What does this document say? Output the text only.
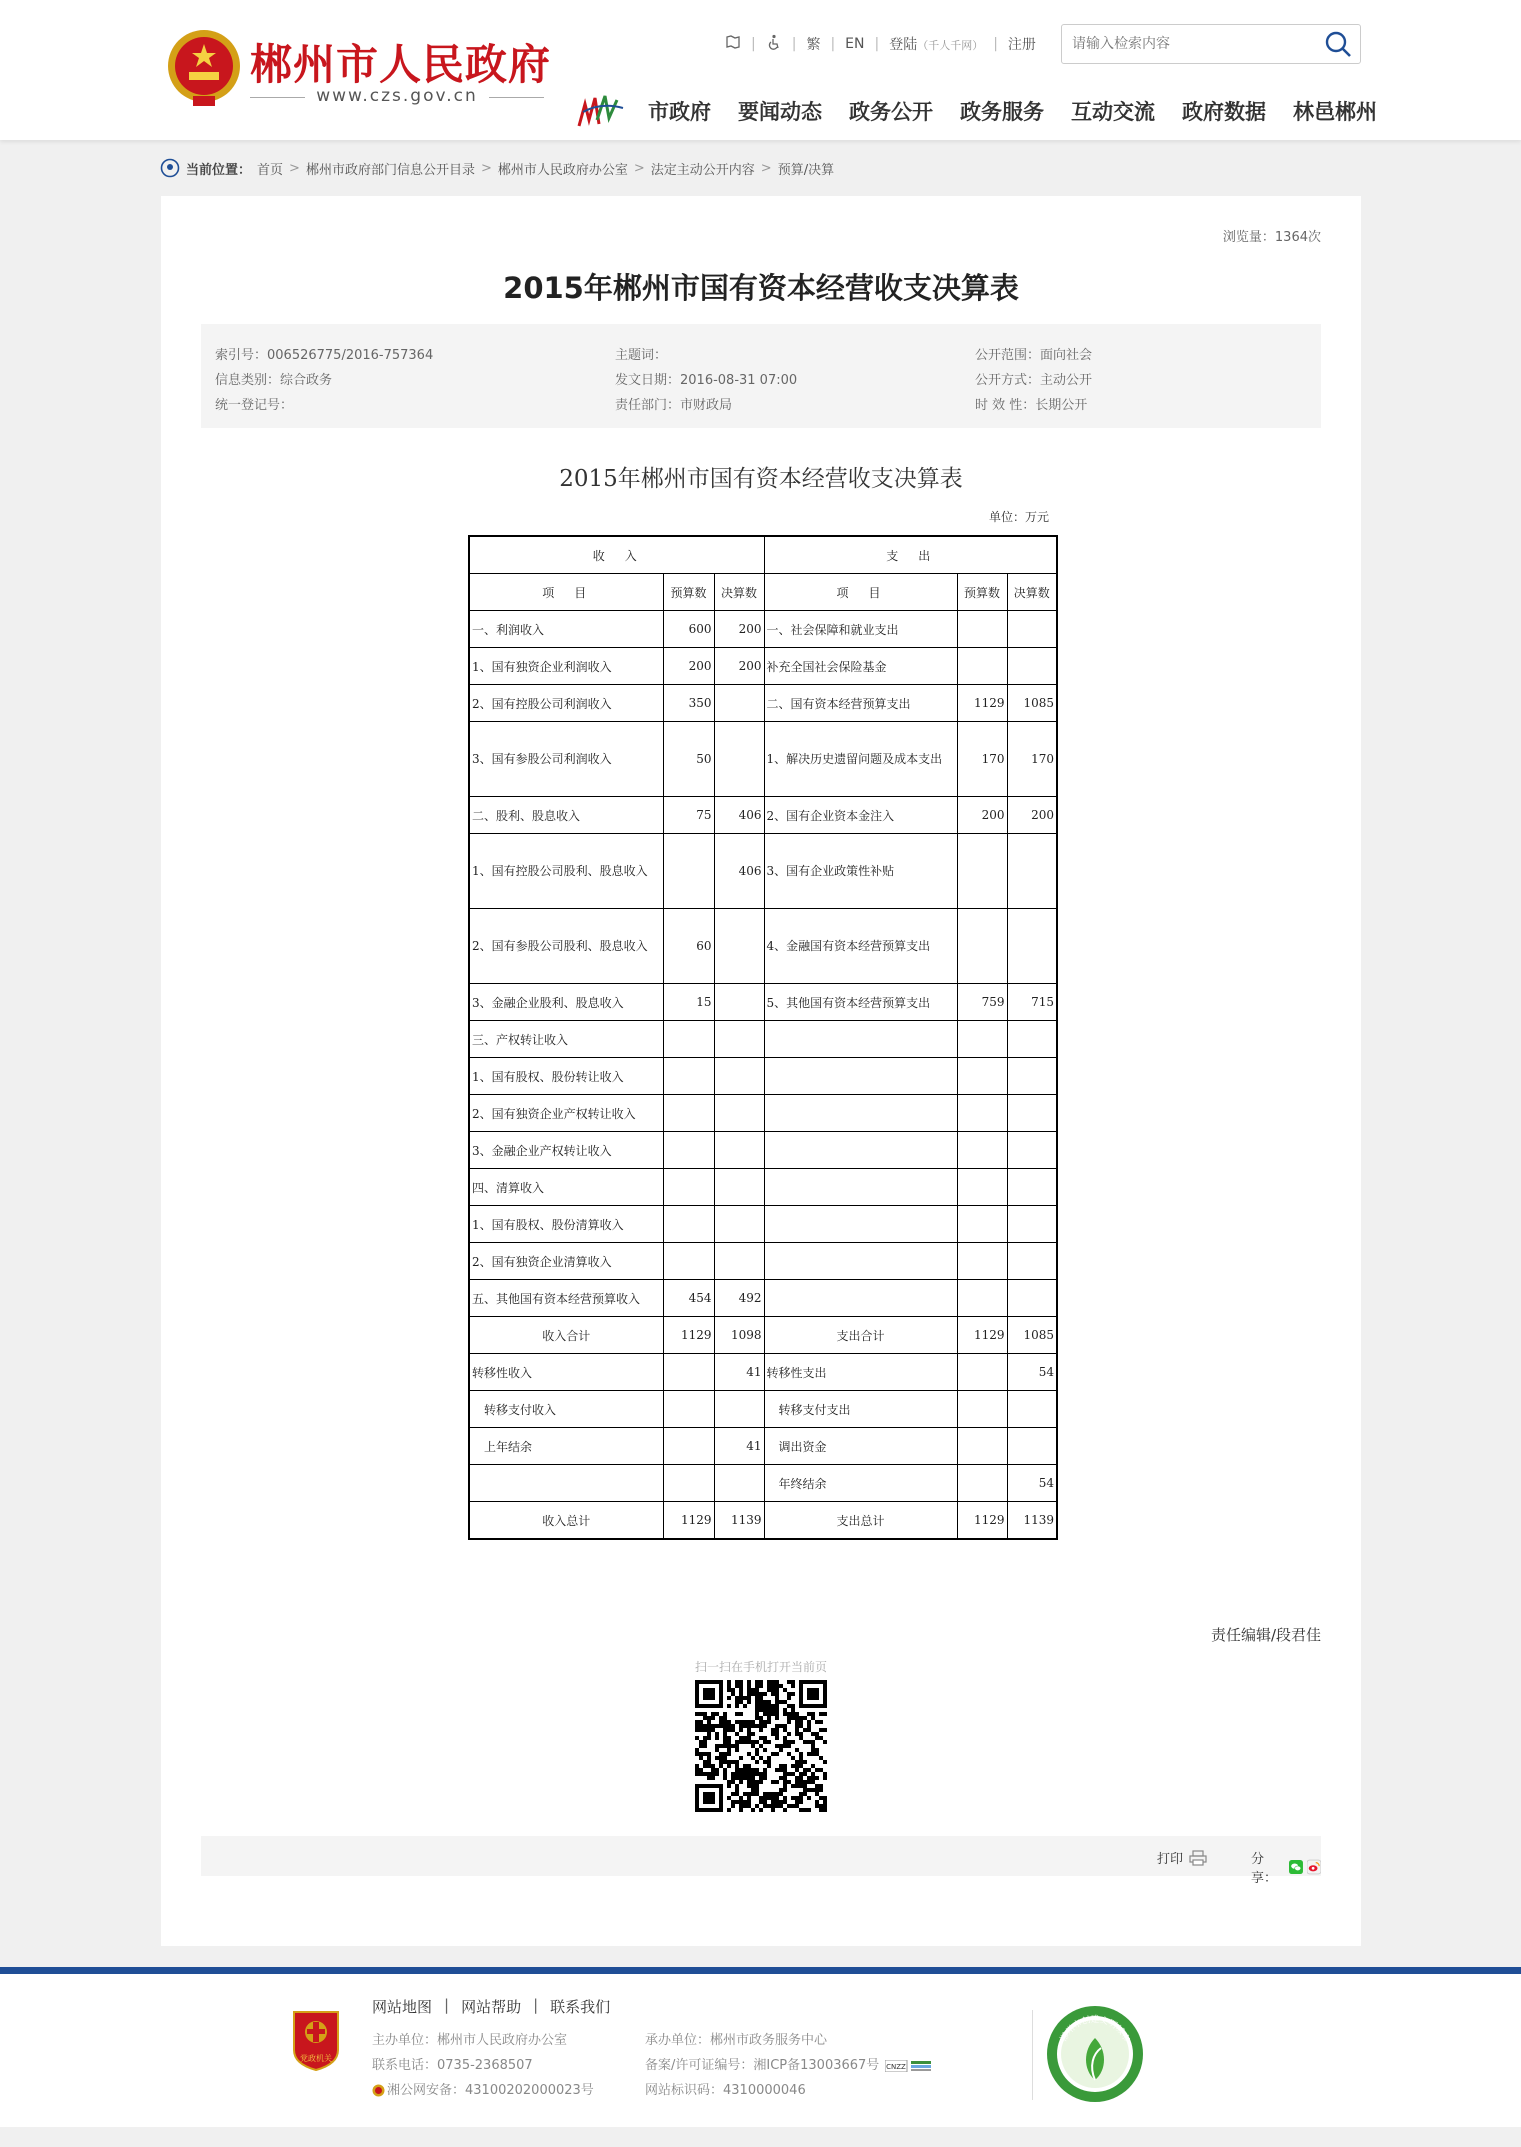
郴州市人民政府
www.czs.gov.cn
|	| 繁 | EN | 登陆（千人千网） | 注册
请输入检索内容
市政府 要闻动态 政务公开 政务服务 互动交流 政府数据 林邑郴州
当前位置： 首页 > 郴州市政府部门信息公开目录 > 郴州市人民政府办公室 > 法定主动公开内容 > 预算/决算
浏览量：1364次
2015年郴州市国有资本经营收支决算表
索引号：006526775/2016-757364	主题词：	公开范围：面向社会
信息类别：综合政务	发文日期：2016-08-31 07:00	公开方式：主动公开
统一登记号：	责任部门：市财政局	时 效 性：长期公开
2015年郴州市国有资本经营收支决算表
单位：万元
收　入			支　出		
项　目	预算数	决算数	项　目	预算数	决算数
一、利润收入	600	200	一、社会保障和就业支出		
1、国有独资企业利润收入	200	200	补充全国社会保险基金		
2、国有控股公司利润收入	350		二、国有资本经营预算支出	1129	1085
3、国有参股公司利润收入	50		1、解决历史遗留问题及成本支出	170	170
二、股利、股息收入	75	406	2、国有企业资本金注入	200	200
1、国有控股公司股利、股息收入		406	3、国有企业政策性补贴		
2、国有参股公司股利、股息收入	60		4、金融国有资本经营预算支出		
3、金融企业股利、股息收入	15		5、其他国有资本经营预算支出	759	715
三、产权转让收入					
1、国有股权、股份转让收入					
2、国有独资企业产权转让收入					
3、金融企业产权转让收入					
四、清算收入					
1、国有股权、股份清算收入					
2、国有独资企业清算收入					
五、其他国有资本经营预算收入	454	492			
收入合计	1129	1098	支出合计	1129	1085
转移性收入		41	转移性支出		54
转移支付收入			转移支付支出		
上年结余		41	调出资金		
			年终结余		54
收入总计	1129	1139	支出总计	1129	1139
责任编辑/段君佳
扫一扫在手机打开当前页
打印	分享：
党政机关
网站地图 | 网站帮助 | 联系我们
主办单位：郴州市人民政府办公室
联系电话：0735-2368507
湘公网安备：43100202000023号
承办单位：郴州市政务服务中心
备案/许可证编号：湘ICP备13003667号 CNZZ
网站标识码：4310000046
郴州市创建文明城市
